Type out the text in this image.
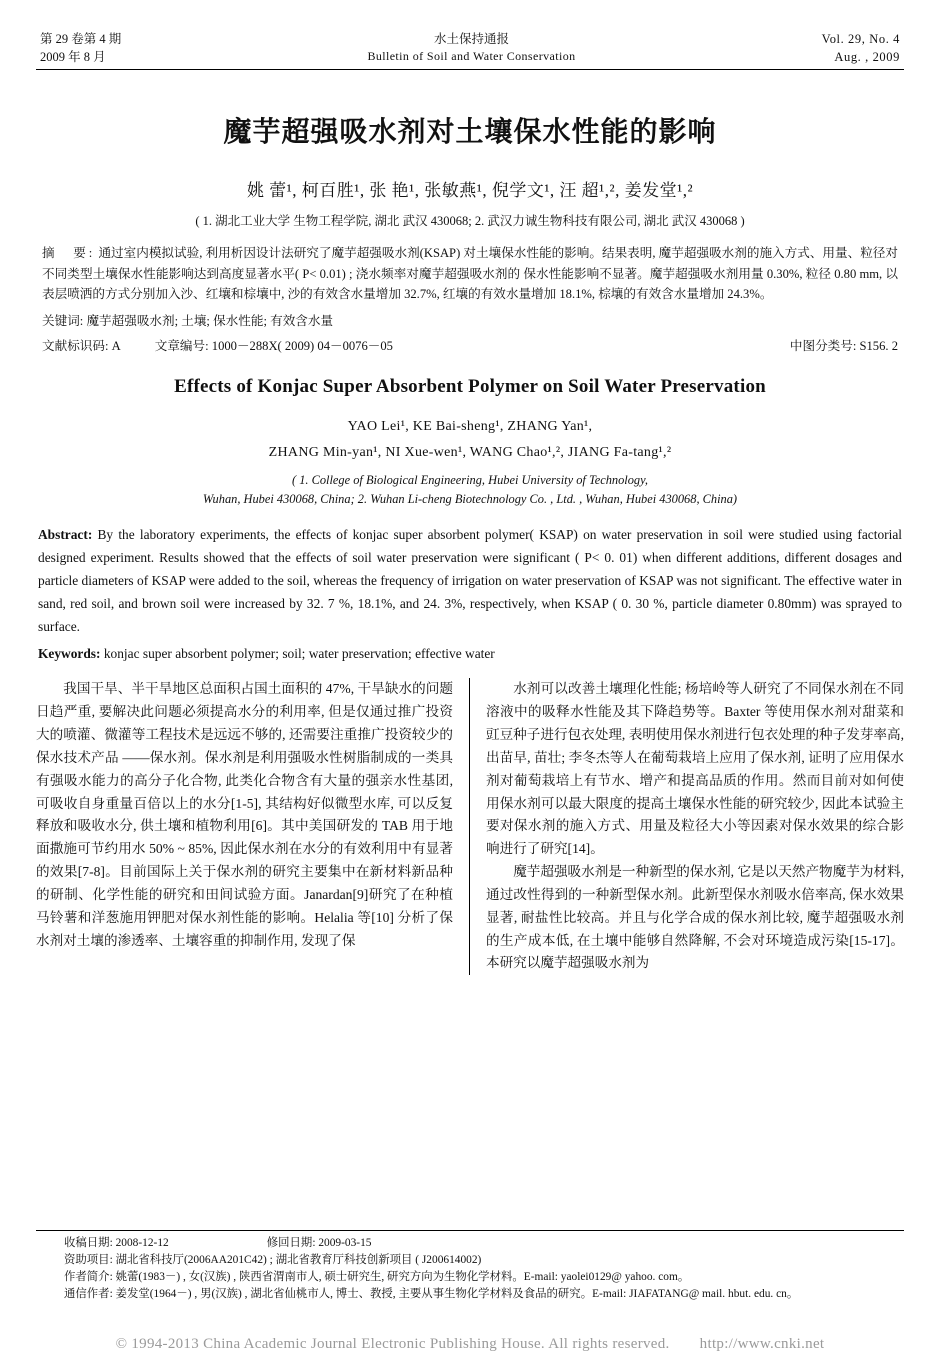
第 29 卷第 4 期
2009 年 8 月
水土保持通报
Bulletin of Soil and Water Conservation
Vol. 29, No. 4
Aug. , 2009
魔芋超强吸水剂对土壤保水性能的影响
姚 蕾¹, 柯百胜¹, 张 艳¹, 张敏燕¹, 倪学文¹, 汪 超¹,², 姜发堂¹,²
( 1. 湖北工业大学 生物工程学院, 湖北 武汉 430068; 2. 武汉力诚生物科技有限公司, 湖北 武汉 430068 )
摘　要: 通过室内模拟试验, 利用析因设计法研究了魔芋超强吸水剂(KSAP) 对土壤保水性能的影响。结果表明, 魔芋超强吸水剂的施入方式、用量、粒径对不同类型土壤保水性能影响达到高度显著水平( P< 0.01) ; 浇水频率对魔芋超强吸水剂的 保水性能影响不显著。魔芋超强吸水剂用量 0.30%, 粒径 0.80 mm, 以表层喷洒的方式分别加入沙、红壤和棕壤中, 沙的有效含水量增加 32.7%, 红壤的有效水量增加 18.1%, 棕壤的有效含水量增加 24.3%。
关键词: 魔芋超强吸水剂; 土壤; 保水性能; 有效含水量
文献标识码: A	文章编号: 1000－288X( 2009) 04－0076－05	中图分类号: S156. 2
Effects of Konjac Super Absorbent Polymer on Soil Water Preservation
YAO Lei¹, KE Bai-sheng¹, ZHANG Yan¹,
ZHANG Min-yan¹, NI Xue-wen¹, WANG Chao¹,², JIANG Fa-tang¹,²
( 1. College of Biological Engineering, Hubei University of Technology,
Wuhan, Hubei 430068, China; 2. Wuhan Li-cheng Biotechnology Co. , Ltd. , Wuhan, Hubei 430068, China)
Abstract: By the laboratory experiments, the effects of konjac super absorbent polymer( KSAP) on water preservation in soil were studied using factorial designed experiment. Results showed that the effects of soil water preservation were significant ( P< 0. 01) when different additions, different dosages and particle diameters of KSAP were added to the soil, whereas the frequency of irrigation on water preservation of KSAP was not significant. The effective water in sand, red soil, and brown soil were increased by 32. 7 %, 18.1%, and 24. 3%, respectively, when KSAP ( 0. 30 %, particle diameter 0.80mm) was sprayed to surface.
Keywords: konjac super absorbent polymer; soil; water preservation; effective water

我国干旱、半干旱地区总面积占国土面积的 47%, 干旱缺水的问题日趋严重, 要解决此问题必须提高水分的利用率, 但是仅通过推广投资大的喷灌、微灌等工程技术是远远不够的, 还需要注重推广投资较少的保水技术产品 ——保水剂。保水剂是利用强吸水性树脂制成的一类具有强吸水能力的高分子化合物, 此类化合物含有大量的强亲水性基团, 可吸收自身重量百倍以上的水分[1-5], 其结构好似微型水库, 可以反复释放和吸收水分, 供土壤和植物利用[6]。其中美国研发的 TAB 用于地面撒施可节约用水 50% ~ 85%, 因此保水剂在水分的有效利用中有显著的效果[7-8]。目前国际上关于保水剂的研究主要集中在新材料新品种的研制、化学性能的研究和田间试验方面。Janardan[9]研究了在种植马铃薯和洋葱施用钾肥对保水剂性能的影响。Helalia 等[10] 分析了保水剂对土壤的渗透率、土壤容重的抑制作用, 发现了保

水剂可以改善土壤理化性能; 杨培岭等人研究了不同保水剂在不同溶液中的吸释水性能及其下降趋势等。Baxter 等使用保水剂对甜菜和豇豆种子进行包衣处理, 表明使用保水剂进行包衣处理的种子发芽率高, 出苗早, 苗壮; 李冬杰等人在葡萄栽培上应用了保水剂, 证明了应用保水剂对葡萄栽培上有节水、增产和提高品质的作用。然而目前对如何使用保水剂可以最大限度的提高土壤保水性能的研究较少, 因此本试验主要对保水剂的施入方式、用量及粒径大小等因素对保水效果的综合影响进行了研究[14]。

魔芋超强吸水剂是一种新型的保水剂, 它是以天然产物魔芋为材料, 通过改性得到的一种新型保水剂。此新型保水剂吸水倍率高, 保水效果显著, 耐盐性比较高。并且与化学合成的保水剂比较, 魔芋超强吸水剂的生产成本低, 在土壤中能够自然降解, 不会对环境造成污染[15-17]。本研究以魔芋超强吸水剂为

收稿日期: 2008-12-12	修回日期: 2009-03-15
资助项目: 湖北省科技厅(2006AA201C42) ; 湖北省教育厅科技创新项目 ( J200614002)
作者简介: 姚蕾(1983－) , 女(汉族) , 陕西省渭南市人, 硕士研究生, 研究方向为生物化学材料。E-mail: yaolei0129@ yahoo. com。
通信作者: 姜发堂(1964－) , 男(汉族) , 湖北省仙桃市人, 博士、教授, 主要从事生物化学材料及食品的研究。E-mail: JIAFATANG@ mail. hbut. edu. cn。
© 1994-2013 China Academic Journal Electronic Publishing House. All rights reserved. http://www.cnki.net
